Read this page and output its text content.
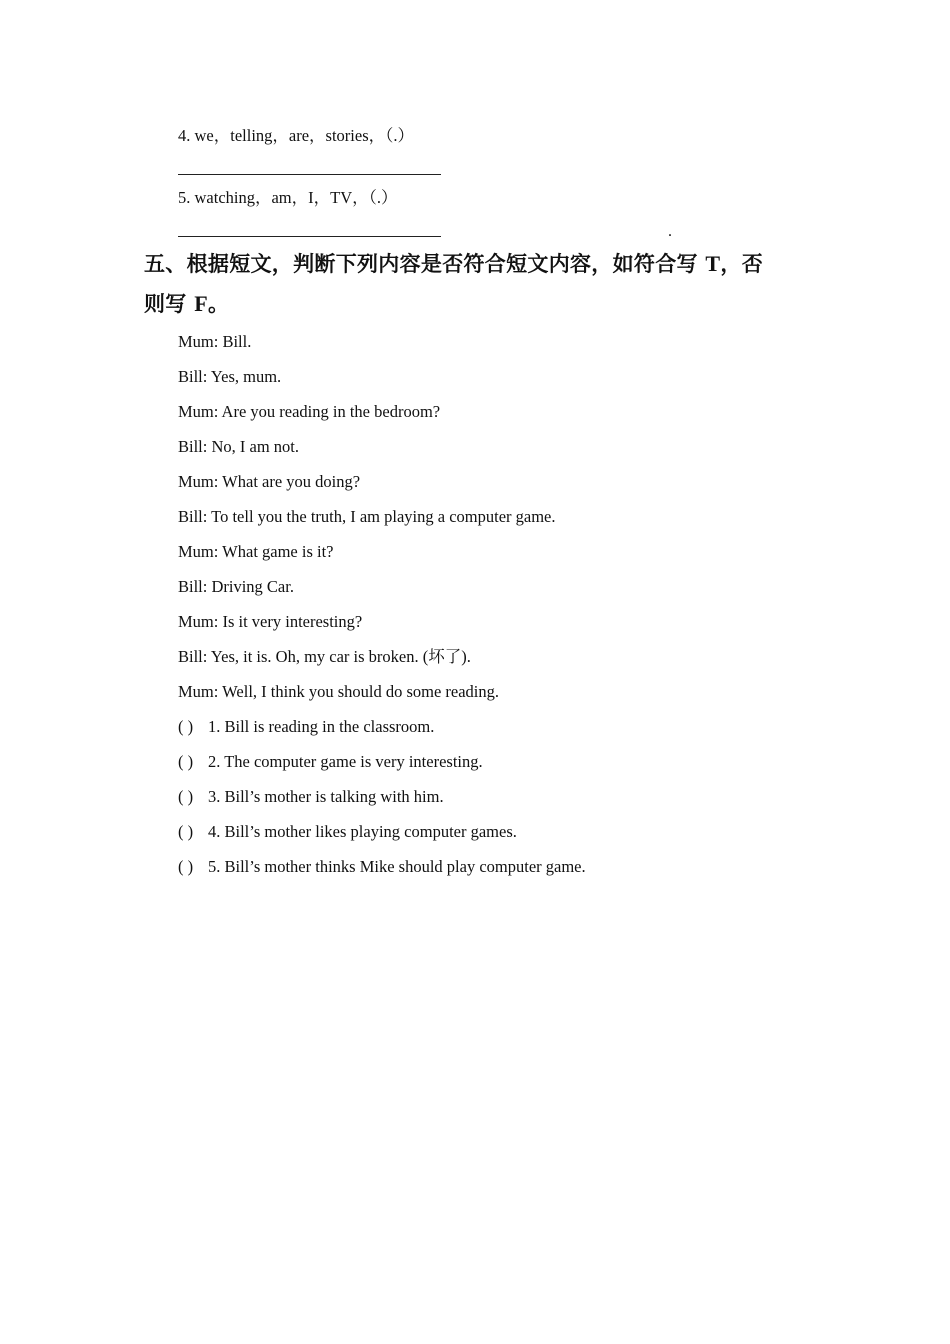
4. we，telling，are，stories，（.）
5. watching，am，I，TV，（.）
.
五、根据短文，判断下列内容是否符合短文内容，如符合写 T，否
则写 F。
Mum: Bill.
Bill: Yes, mum.
Mum: Are you reading in the bedroom?
Bill: No, I am not.
Mum: What are you doing?
Bill: To tell you the truth, I am playing a computer game.
Mum: What game is it?
Bill: Driving Car.
Mum: Is it very interesting?
Bill: Yes, it is. Oh, my car is broken. (坏了).
Mum: Well, I think you should do some reading.
( ) 1. Bill is reading in the classroom.
( ) 2. The computer game is very interesting.
( ) 3. Bill’s mother is talking with him.
( ) 4. Bill’s mother likes playing computer games.
( ) 5. Bill’s mother thinks Mike should play computer game.
